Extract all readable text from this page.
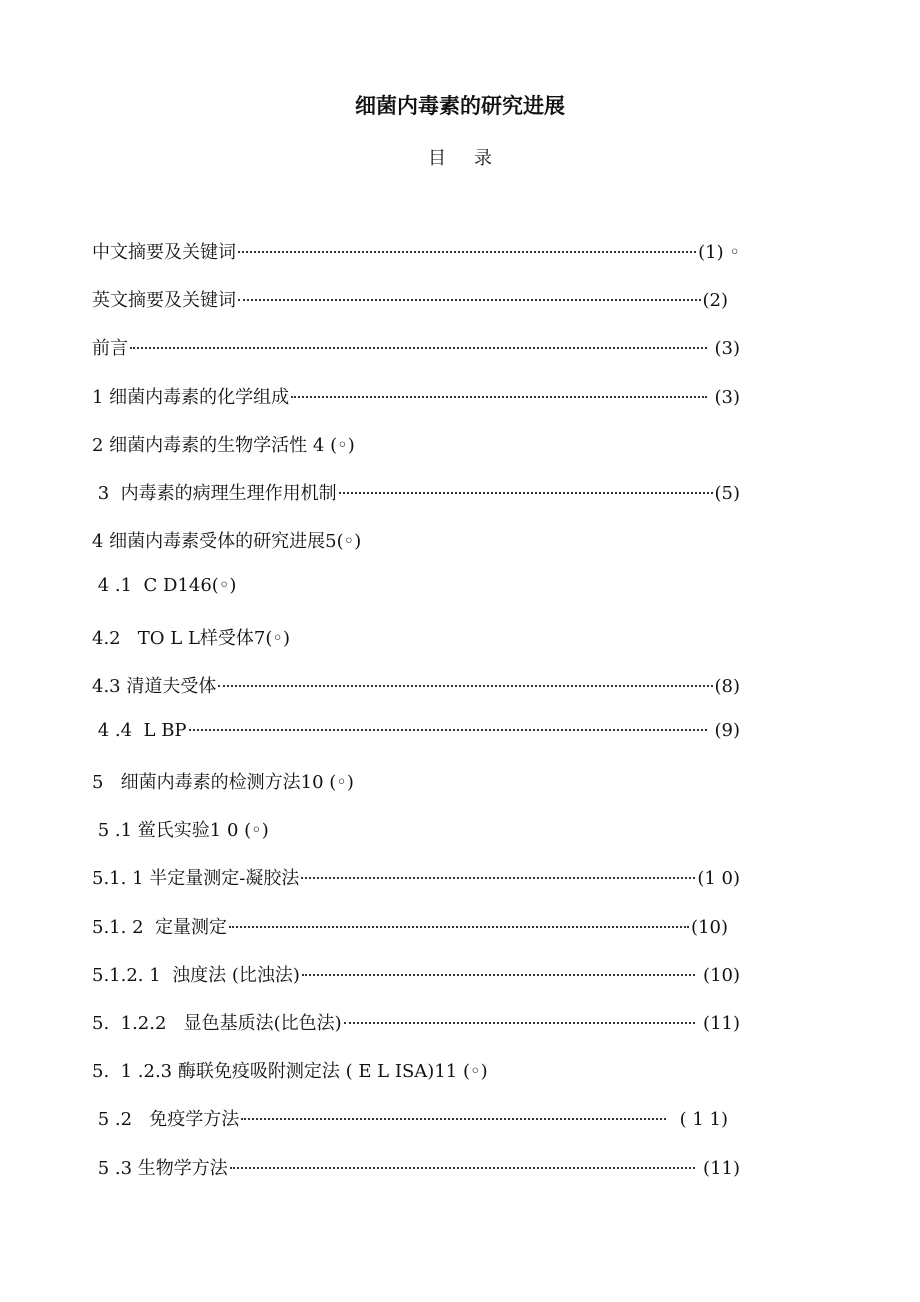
细菌内毒素的研究进展
目录
中文摘要及关键词	(1) ◦
英文摘要及关键词	(2)
前言	(3)
1 细菌内毒素的化学组成	(3)
2 细菌内毒素的生物学活性 4 (◦)
3  内毒素的病理生理作用机制	(5)
4 细菌内毒素受体的研究进展5(◦)
4 .1  C D146(◦)
4.2   TO L L样受体7(◦)
4.3 清道夫受体	(8)
4 .4  L BP	(9)
5   细菌内毒素的检测方法10 (◦)
5 .1 鲎氏实验1 0 (◦)
5.1. 1 半定量测定-凝胶法	(1 0)
5.1. 2  定量测定	(10)
5.1.2. 1  浊度法 (比浊法)	(10)
5.  1.2.2   显色基质法(比色法)	(11)
5.  1 .2.3 酶联免疫吸附测定法 ( E L ISA)11 (◦)
5 .2   免疫学方法	( 1 1)
5 .3 生物学方法	(11)
